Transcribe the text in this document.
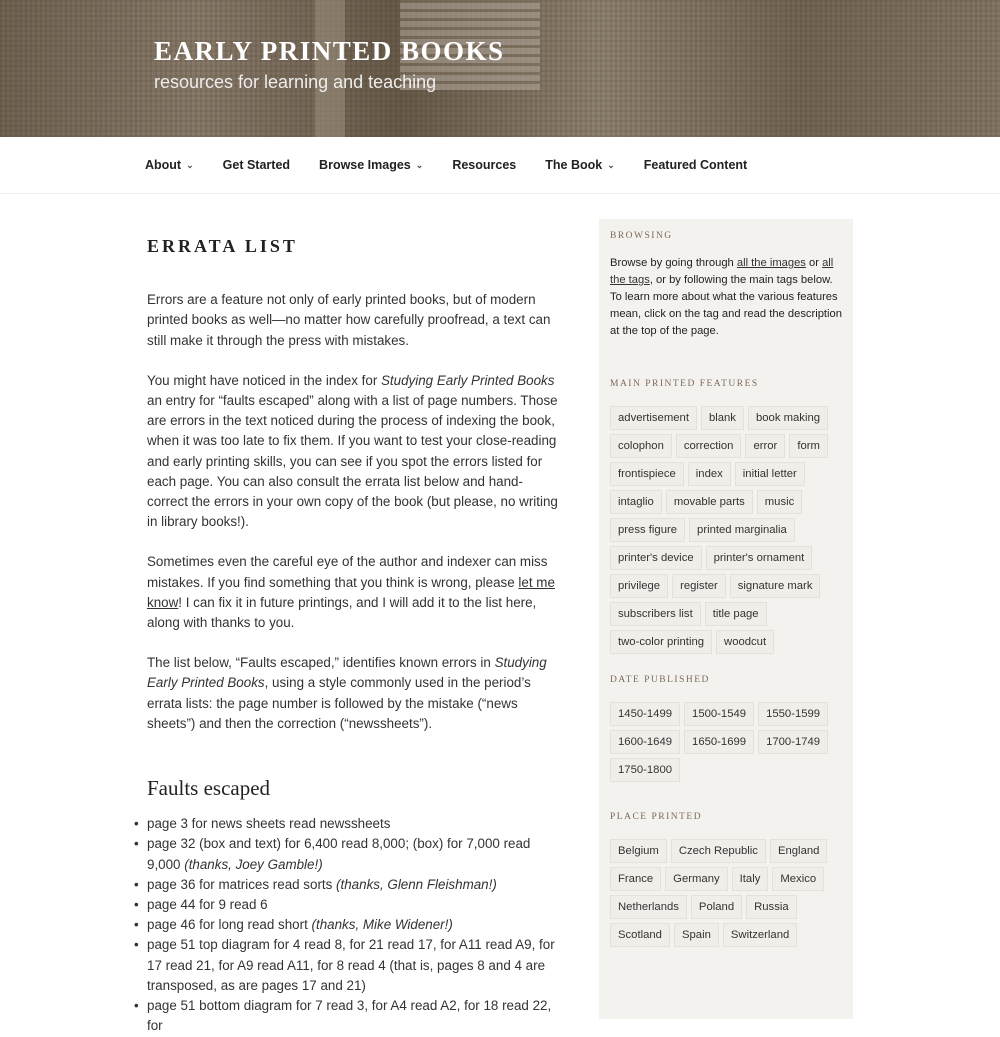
EARLY PRINTED BOOKS
resources for learning and teaching
About ⌄ Get Started Browse Images ⌄ Resources The Book ⌄ Featured Content
ERRATA LIST

Errors are a feature not only of early printed books, but of modern printed books as well—no matter how carefully proofread, a text can still make it through the press with mistakes.

You might have noticed in the index for Studying Early Printed Books an entry for “faults escaped” along with a list of page numbers. Those are errors in the text noticed during the process of indexing the book, when it was too late to fix them. If you want to test your close-reading and early printing skills, you can see if you spot the errors listed for each page. You can also consult the errata list below and hand-correct the errors in your own copy of the book (but please, no writing in library books!).

Sometimes even the careful eye of the author and indexer can miss mistakes. If you find something that you think is wrong, please let me know! I can fix it in future printings, and I will add it to the list here, along with thanks to you.

The list below, “Faults escaped,” identifies known errors in Studying Early Printed Books, using a style commonly used in the period’s errata lists: the page number is followed by the mistake (“news sheets”) and then the correction (“newssheets”).

Faults escaped
• page 3 for news sheets read newssheets
• page 32 (box and text) for 6,400 read 8,000; (box) for 7,000 read 9,000 (thanks, Joey Gamble!)
• page 36 for matrices read sorts (thanks, Glenn Fleishman!)
• page 44 for 9 read 6
• page 46 for long read short (thanks, Mike Widener!)
• page 51 top diagram for 4 read 8, for 21 read 17, for A11 read A9, for 17 read 21, for A9 read A11, for 8 read 4 (that is, pages 8 and 4 are transposed, as are pages 17 and 21)
• page 51 bottom diagram for 7 read 3, for A4 read A2, for 18 read 22, for
BROWSING

Browse by going through all the images or all the tags, or by following the main tags below. To learn more about what the various features mean, click on the tag and read the description at the top of the page.

MAIN PRINTED FEATURES
advertisement	blank	book making
colophon	correction	error	form
frontispiece	index	initial letter
intaglio	movable parts	music
press figure	printed marginalia
printer's device	printer's ornament
privilege	register	signature mark
subscribers list	title page
two-color printing	woodcut
DATE PUBLISHED
1450-1499	1500-1549	1550-1599
1600-1649	1650-1699	1700-1749
1750-1800
PLACE PRINTED
Belgium	Czech Republic	England
France	Germany	Italy	Mexico
Netherlands	Poland	Russia
Scotland	Spain	Switzerland
